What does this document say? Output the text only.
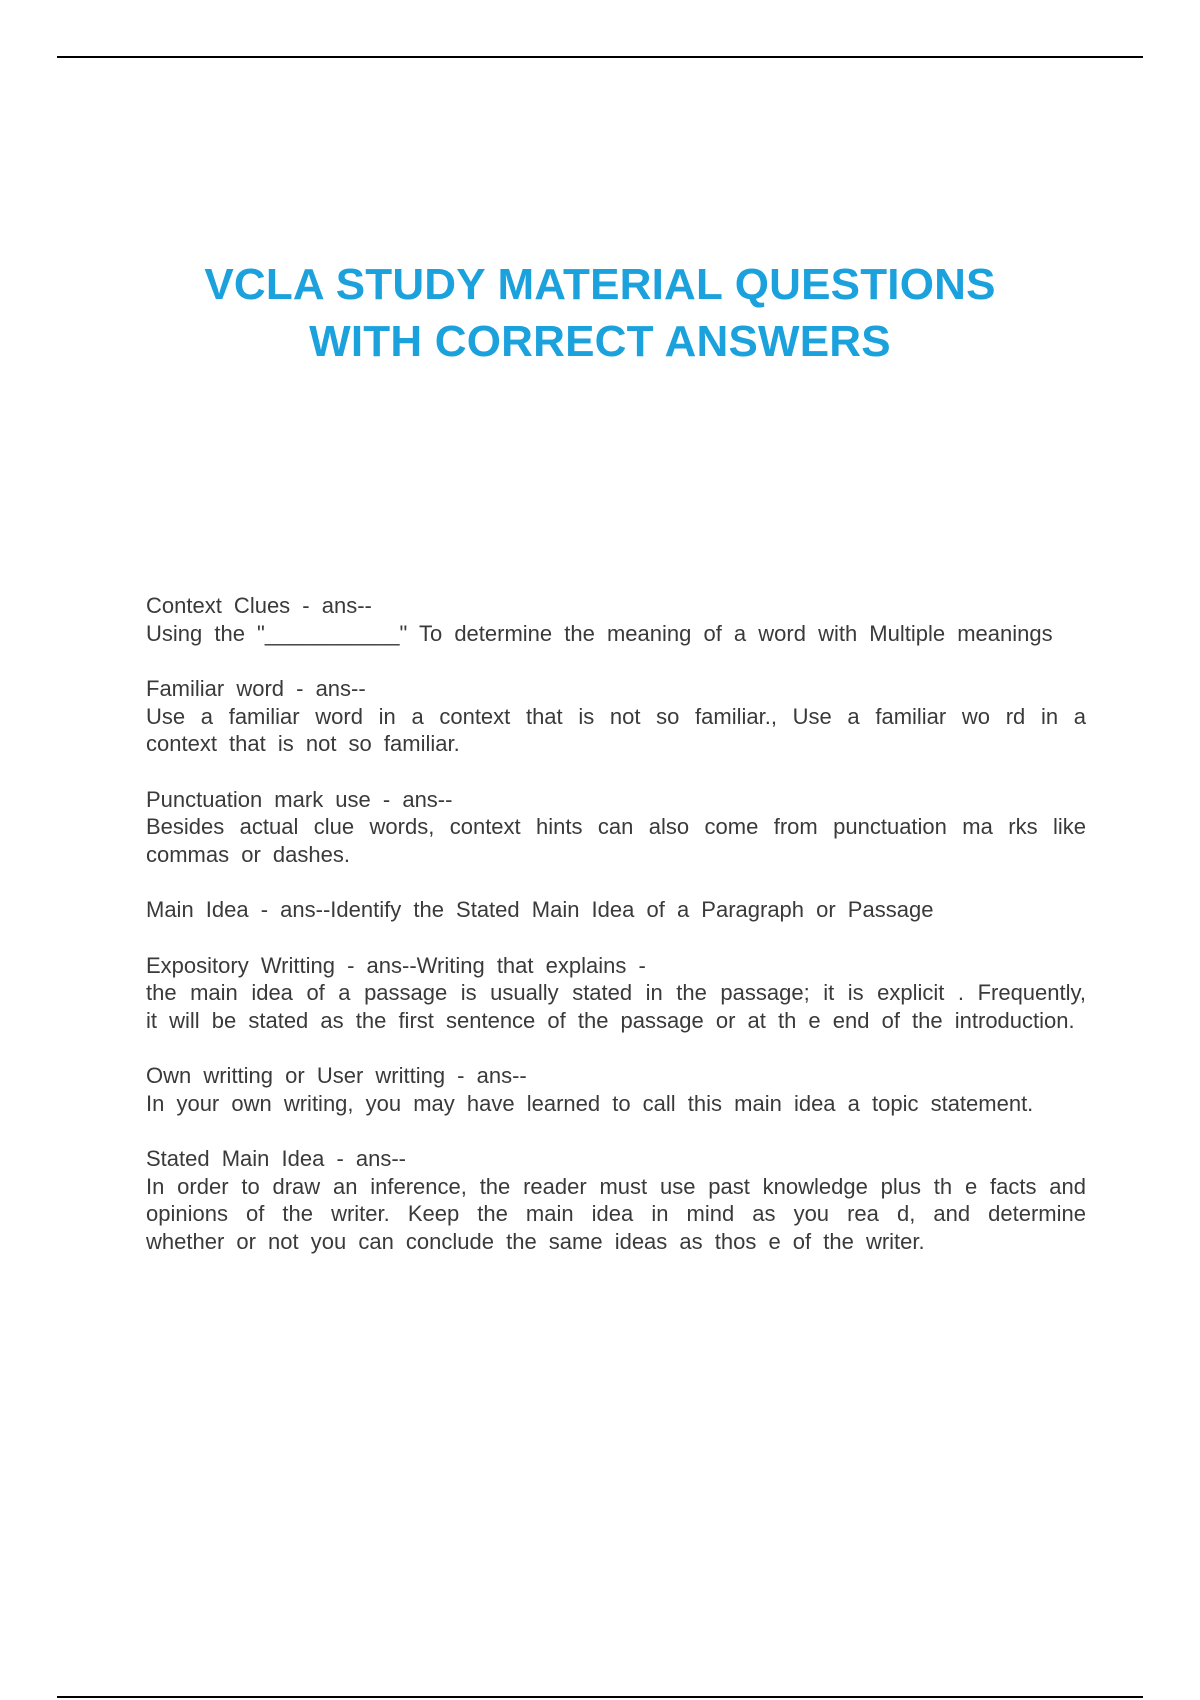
VCLA STUDY MATERIAL QUESTIONS
WITH CORRECT ANSWERS
Context Clues - ans--
Using the "___________" To determine the meaning of a word with Multiple meanings
Familiar word - ans--
Use a familiar word in a context that is not so familiar., Use a familiar wo rd in a context that is not so familiar.
Punctuation mark use - ans--
Besides actual clue words, context hints can also come from punctuation ma rks like commas or dashes.
Main Idea - ans--Identify the Stated Main Idea of a Paragraph or Passage
Expository Writting - ans--Writing that explains -
the main idea of a passage is usually stated in the passage; it is explicit . Frequently, it will be stated as the first sentence of the passage or at th e end of the introduction.
Own writting or User writting - ans--
In your own writing, you may have learned to call this main idea a topic statement.
Stated Main Idea - ans--
In order to draw an inference, the reader must use past knowledge plus th e facts and opinions of the writer. Keep the main idea in mind as you rea d, and determine whether or not you can conclude the same ideas as thos e of the writer.
